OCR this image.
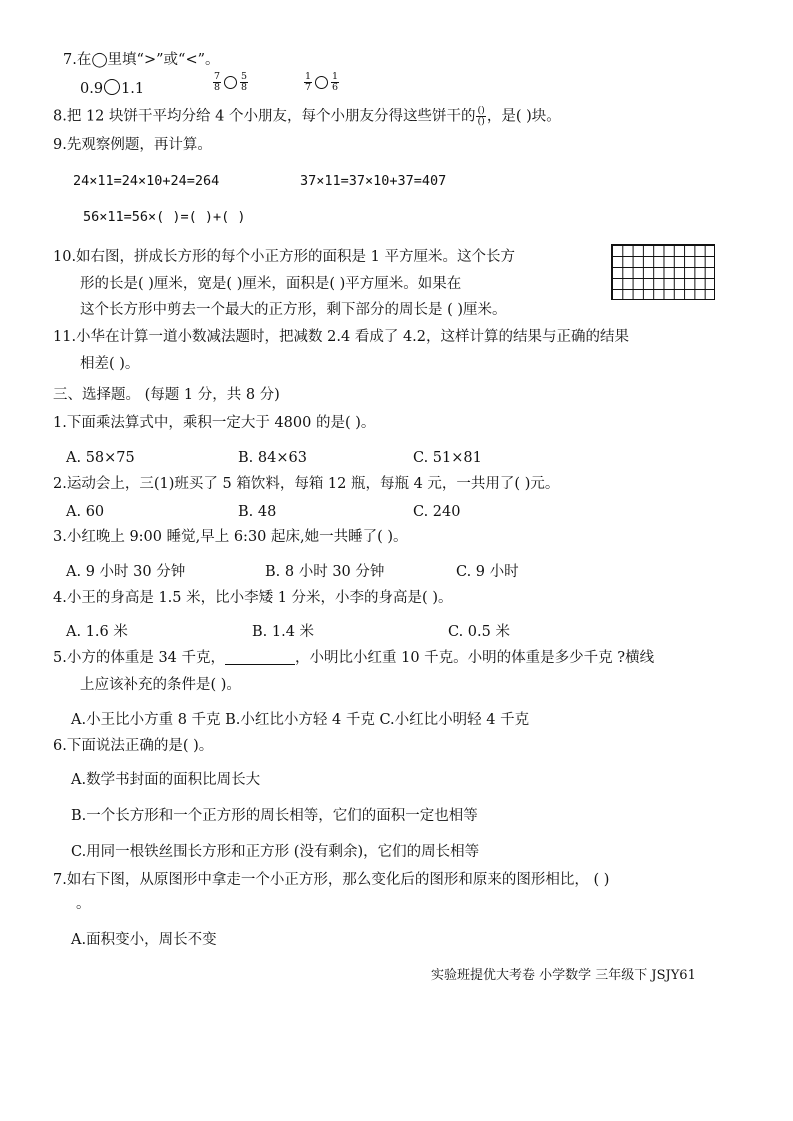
7.在◯里填“>”或“<”。
0.9 1.1	$\frac{7}{8} \frac{5}{8}$	$\frac{1}{7} \frac{1}{6}$
8.把 12 块饼干平均分给 4 个小朋友，每个小朋友分得这些饼干的 $\frac{()}{()}$ ，是( )块。
9.先观察例题，再计算。
24×11=24×10+24=264	37×11=37×10+37=407
56×11=56×( )=( )+( )
10.如右图，拼成长方形的每个小正方形的面积是 1 平方厘米。这个长方
形的长是( )厘米，宽是( )厘米，面积是( )平方厘米。如果在
这个长方形中剪去一个最大的正方形，剩下部分的周长是 ( )厘米。
11.小华在计算一道小数减法题时，把减数 2.4 看成了 4.2，这样计算的结果与正确的结果
相差( )。
三、选择题。 (每题 1 分，共 8 分)
1.下面乘法算式中，乘积一定大于 4800 的是( )。
A. 58×75	B. 84×63	C. 51×81
2.运动会上，三(1)班买了 5 箱饮料，每箱 12 瓶，每瓶 4 元，一共用了( )元。
A. 60	B. 48	C. 240
3.小红晚上 9:00 睡觉,早上 6:30 起床,她一共睡了( )。
A. 9 小时 30 分钟	B. 8 小时 30 分钟	C. 9 小时
4.小王的身高是 1.5 米，比小李矮 1 分米，小李的身高是( )。
A. 1.6 米	B. 1.4 米	C. 0.5 米
5.小方的体重是 34 千克，	，小明比小红重 10 千克。小明的体重是多少千克 ?横线
上应该补充的条件是( )。
A.小王比小方重 8 千克 B.小红比小方轻 4 千克 C.小红比小明轻 4 千克
6.下面说法正确的是( )。
A.数学书封面的面积比周长大
B.一个长方形和一个正方形的周长相等，它们的面积一定也相等
C.用同一根铁丝围长方形和正方形 (没有剩余)，它们的周长相等
7.如右下图，从原图形中拿走一个小正方形，那么变化后的图形和原来的图形相比， ( )
。
A.面积变小，周长不变
实验班提优大考卷 小学数学 三年级下 JSJY61
